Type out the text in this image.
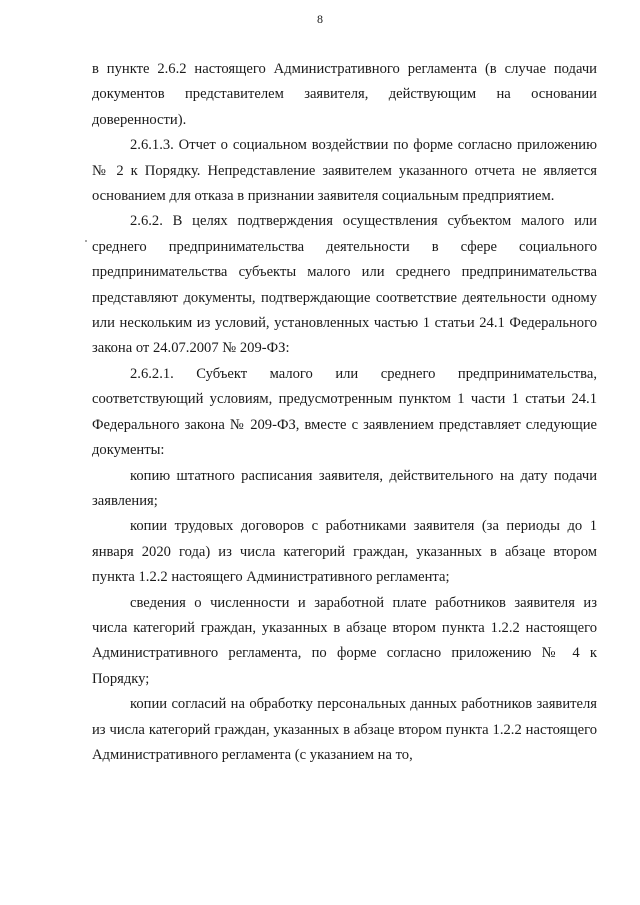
8

в пункте 2.6.2 настоящего Административного регламента (в случае подачи документов представителем заявителя, действующим на основании доверенности).

2.6.1.3. Отчет о социальном воздействии по форме согласно приложению № 2 к Порядку. Непредставление заявителем указанного отчета не является основанием для отказа в признании заявителя социальным предприятием.

2.6.2. В целях подтверждения осуществления субъектом малого или среднего предпринимательства деятельности в сфере социального предпринимательства субъекты малого или среднего предпринимательства представляют документы, подтверждающие соответствие деятельности одному или нескольким из условий, установленных частью 1 статьи 24.1 Федерального закона от 24.07.2007 № 209-ФЗ:

2.6.2.1. Субъект малого или среднего предпринимательства, соответствующий условиям, предусмотренным пунктом 1 части 1 статьи 24.1 Федерального закона № 209-ФЗ, вместе с заявлением представляет следующие документы:

копию штатного расписания заявителя, действительного на дату подачи заявления;

копии трудовых договоров с работниками заявителя (за периоды до 1 января 2020 года) из числа категорий граждан, указанных в абзаце втором пункта 1.2.2 настоящего Административного регламента;

сведения о численности и заработной плате работников заявителя из числа категорий граждан, указанных в абзаце втором пункта 1.2.2 настоящего Административного регламента, по форме согласно приложению № 4 к Порядку;

копии согласий на обработку персональных данных работников заявителя из числа категорий граждан, указанных в абзаце втором пункта 1.2.2 настоящего Административного регламента (с указанием на то,
